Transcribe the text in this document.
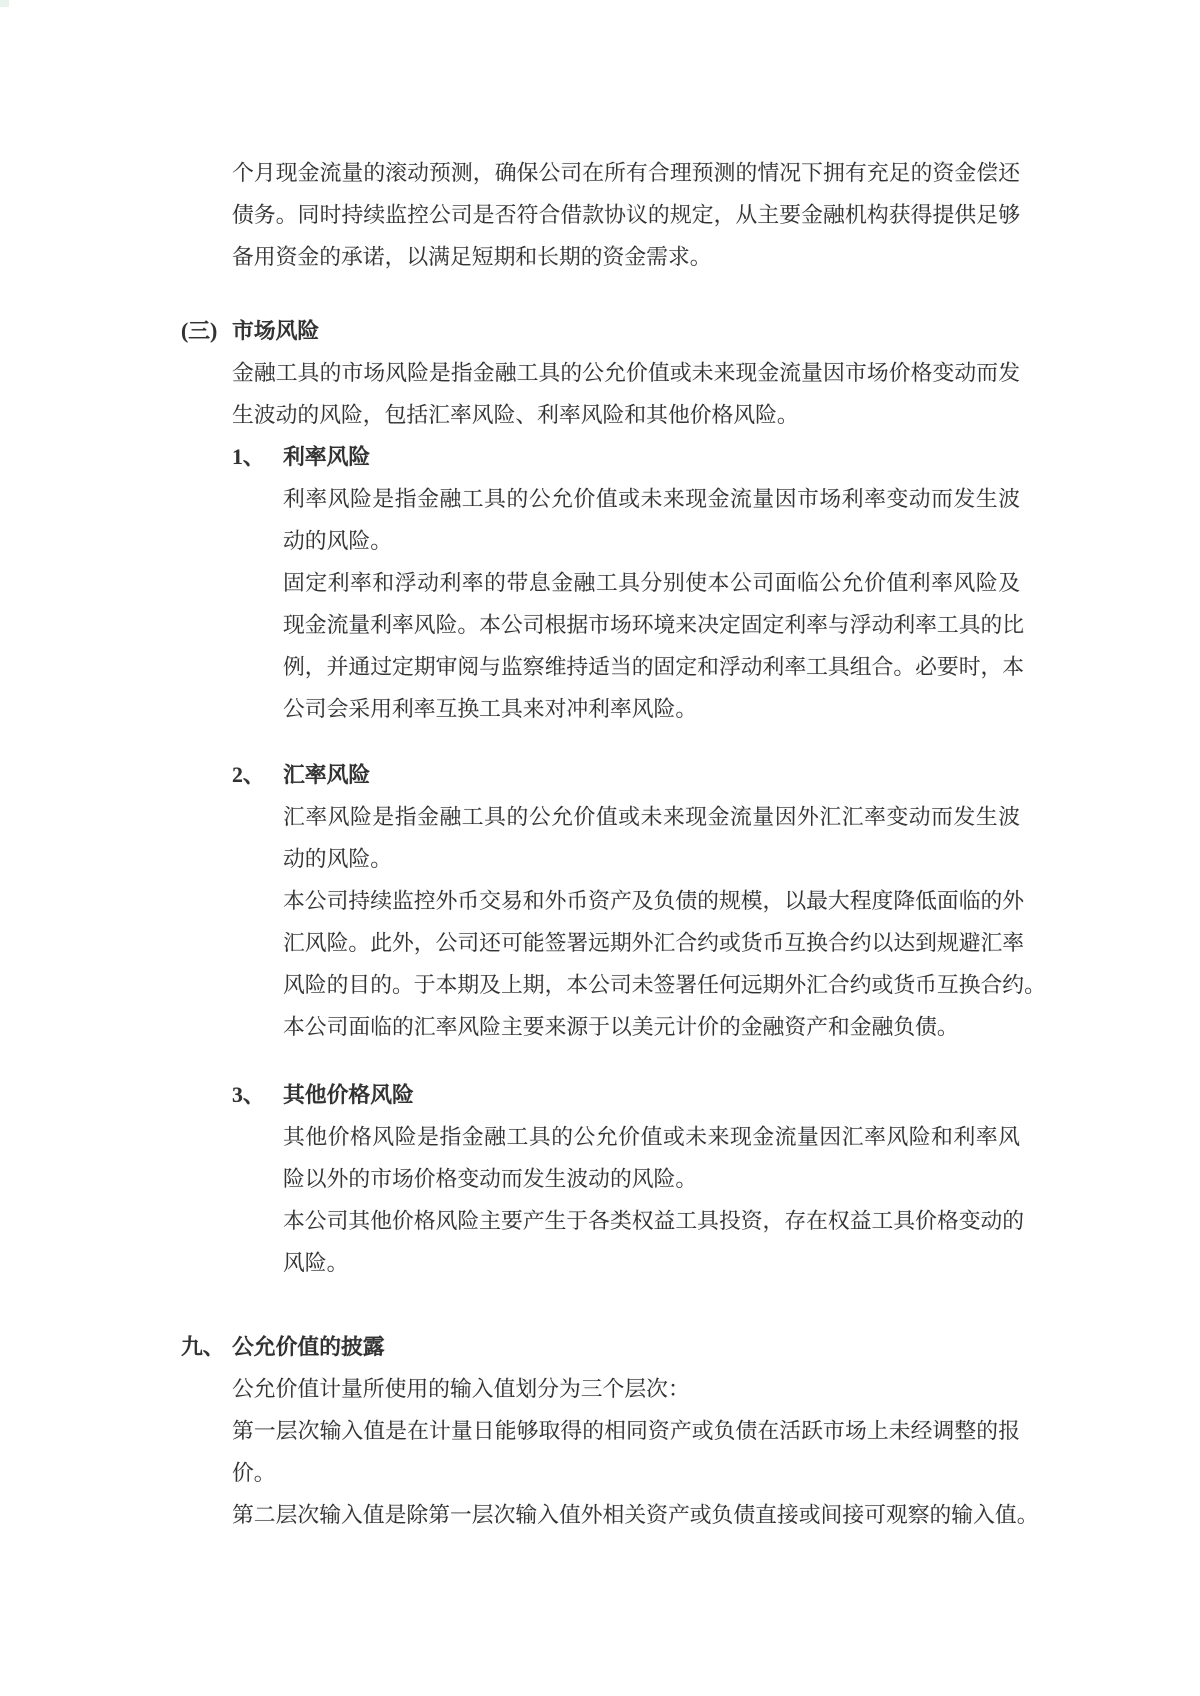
个月现金流量的滚动预测，确保公司在所有合理预测的情况下拥有充足的资金偿还
债务。同时持续监控公司是否符合借款协议的规定，从主要金融机构获得提供足够
备用资金的承诺，以满足短期和长期的资金需求。
(三) 市场风险
金融工具的市场风险是指金融工具的公允价值或未来现金流量因市场价格变动而发
生波动的风险，包括汇率风险、利率风险和其他价格风险。
1、 利率风险
利率风险是指金融工具的公允价值或未来现金流量因市场利率变动而发生波
动的风险。
固定利率和浮动利率的带息金融工具分别使本公司面临公允价值利率风险及
现金流量利率风险。本公司根据市场环境来决定固定利率与浮动利率工具的比
例，并通过定期审阅与监察维持适当的固定和浮动利率工具组合。必要时，本
公司会采用利率互换工具来对冲利率风险。
2、 汇率风险
汇率风险是指金融工具的公允价值或未来现金流量因外汇汇率变动而发生波
动的风险。
本公司持续监控外币交易和外币资产及负债的规模，以最大程度降低面临的外
汇风险。此外，公司还可能签署远期外汇合约或货币互换合约以达到规避汇率
风险的目的。于本期及上期，本公司未签署任何远期外汇合约或货币互换合约。
本公司面临的汇率风险主要来源于以美元计价的金融资产和金融负债。
3、 其他价格风险
其他价格风险是指金融工具的公允价值或未来现金流量因汇率风险和利率风
险以外的市场价格变动而发生波动的风险。
本公司其他价格风险主要产生于各类权益工具投资，存在权益工具价格变动的
风险。
九、 公允价值的披露
公允价值计量所使用的输入值划分为三个层次：
第一层次输入值是在计量日能够取得的相同资产或负债在活跃市场上未经调整的报
价。
第二层次输入值是除第一层次输入值外相关资产或负债直接或间接可观察的输入值。
